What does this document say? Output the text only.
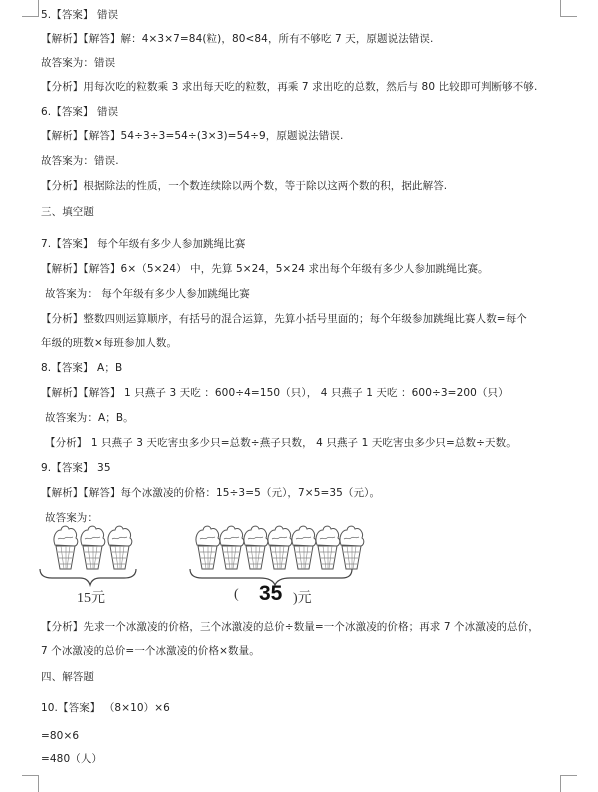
5.【答案】 错误
【解析】【解答】解：4×3×7=84(粒)，80<84，所有不够吃 7 天，原题说法错误.
故答案为：错误
【分析】用每次吃的粒数乘 3 求出每天吃的粒数，再乘 7 求出吃的总数，然后与 80 比较即可判断够不够.
6.【答案】 错误
【解析】【解答】54÷3÷3=54÷(3×3)=54÷9，原题说法错误.
故答案为：错误.
【分析】根据除法的性质，一个数连续除以两个数，等于除以这两个数的积，据此解答.
三、填空题
7.【答案】 每个年级有多少人参加跳绳比赛
【解析】【解答】6×（5×24） 中，先算 5×24，5×24 求出每个年级有多少人参加跳绳比赛。
故答案为： 每个年级有多少人参加跳绳比赛
【分析】整数四则运算顺序，有括号的混合运算，先算小括号里面的；每个年级参加跳绳比赛人数=每个
年级的班数×每班参加人数。
8.【答案】 A；B
【解析】【解答】 1 只燕子 3 天吃 ：600÷4=150（只）， 4 只燕子 1 天吃 ：600÷3=200（只）
故答案为：A；B。
【分析】 1 只燕子 3 天吃害虫多少只=总数÷燕子只数， 4 只燕子 1 天吃害虫多少只=总数÷天数。
9.【答案】 35
【解析】【解答】每个冰激凌的价格：15÷3=5（元），7×5=35（元）。
故答案为：
【分析】先求一个冰激凌的价格，三个冰激凌的总价÷数量=一个冰激凌的价格；再求 7 个冰激凌的总价，
7 个冰激凌的总价=一个冰激凌的价格×数量。
四、解答题
10.【答案】 （8×10）×6
=80×6
=480（人）
15元	( 35 )元
